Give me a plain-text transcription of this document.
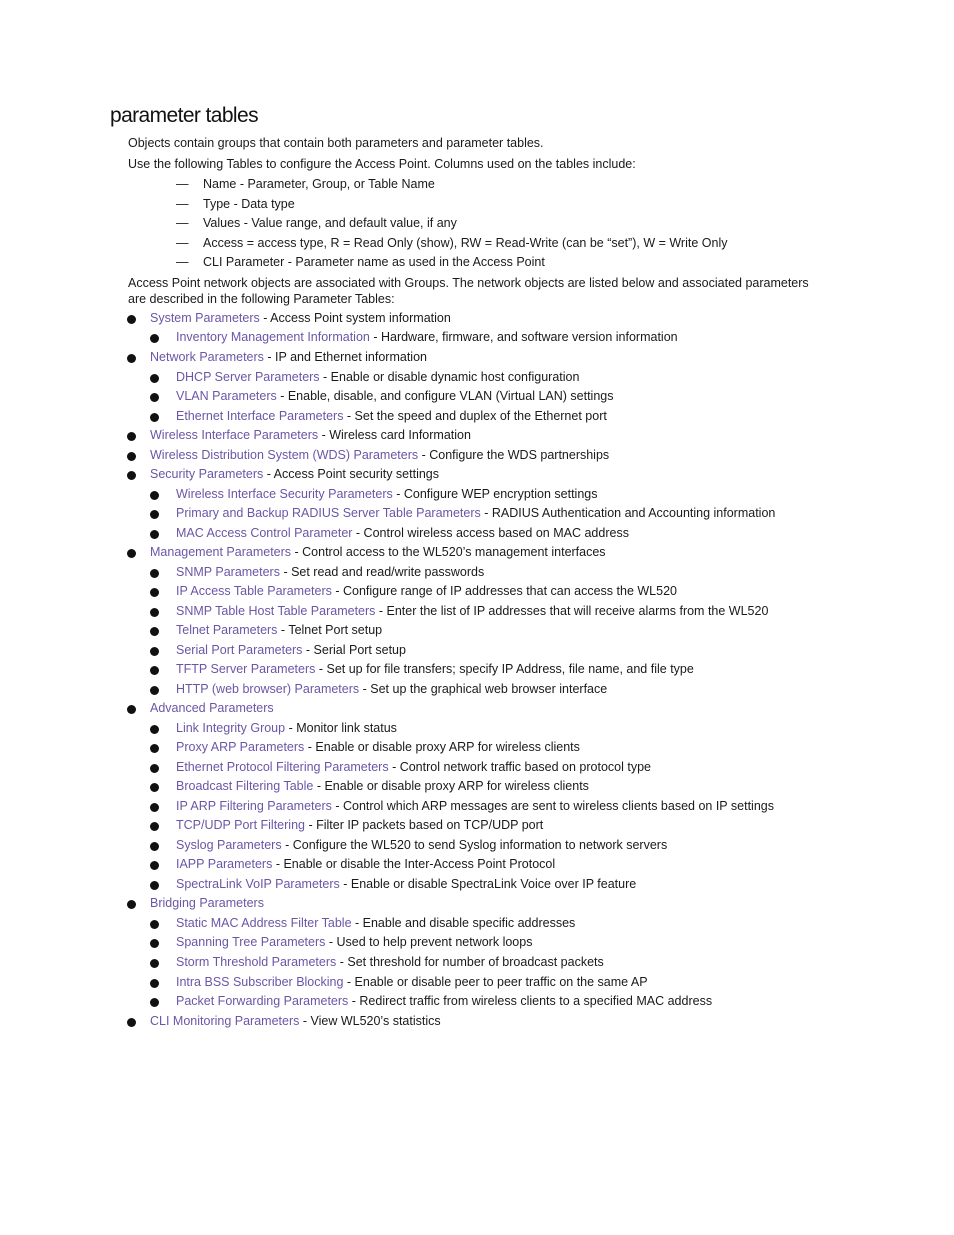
parameter tables

Objects contain groups that contain both parameters and parameter tables.

Use the following Tables to configure the Access Point. Columns used on the tables include:

— Name - Parameter, Group, or Table Name
— Type - Data type
— Values - Value range, and default value, if any
— Access = access type, R = Read Only (show), RW = Read-Write (can be “set”), W = Write Only
— CLI Parameter - Parameter name as used in the Access Point

Access Point network objects are associated with Groups. The network objects are listed below and associated parameters are described in the following Parameter Tables:

System Parameters - Access Point system information
Inventory Management Information - Hardware, firmware, and software version information
Network Parameters - IP and Ethernet information
DHCP Server Parameters - Enable or disable dynamic host configuration
VLAN Parameters - Enable, disable, and configure VLAN (Virtual LAN) settings
Ethernet Interface Parameters - Set the speed and duplex of the Ethernet port
Wireless Interface Parameters - Wireless card Information
Wireless Distribution System (WDS) Parameters - Configure the WDS partnerships
Security Parameters - Access Point security settings
Wireless Interface Security Parameters - Configure WEP encryption settings
Primary and Backup RADIUS Server Table Parameters - RADIUS Authentication and Accounting information
MAC Access Control Parameter - Control wireless access based on MAC address
Management Parameters - Control access to the WL520’s management interfaces
SNMP Parameters - Set read and read/write passwords
IP Access Table Parameters - Configure range of IP addresses that can access the WL520
SNMP Table Host Table Parameters - Enter the list of IP addresses that will receive alarms from the WL520
Telnet Parameters - Telnet Port setup
Serial Port Parameters - Serial Port setup
TFTP Server Parameters - Set up for file transfers; specify IP Address, file name, and file type
HTTP (web browser) Parameters - Set up the graphical web browser interface
Advanced Parameters
Link Integrity Group - Monitor link status
Proxy ARP Parameters - Enable or disable proxy ARP for wireless clients
Ethernet Protocol Filtering Parameters - Control network traffic based on protocol type
Broadcast Filtering Table - Enable or disable proxy ARP for wireless clients
IP ARP Filtering Parameters - Control which ARP messages are sent to wireless clients based on IP settings
TCP/UDP Port Filtering - Filter IP packets based on TCP/UDP port
Syslog Parameters - Configure the WL520 to send Syslog information to network servers
IAPP Parameters - Enable or disable the Inter-Access Point Protocol
SpectraLink VoIP Parameters - Enable or disable SpectraLink Voice over IP feature
Bridging Parameters
Static MAC Address Filter Table - Enable and disable specific addresses
Spanning Tree Parameters - Used to help prevent network loops
Storm Threshold Parameters - Set threshold for number of broadcast packets
Intra BSS Subscriber Blocking - Enable or disable peer to peer traffic on the same AP
Packet Forwarding Parameters - Redirect traffic from wireless clients to a specified MAC address
CLI Monitoring Parameters - View WL520’s statistics
